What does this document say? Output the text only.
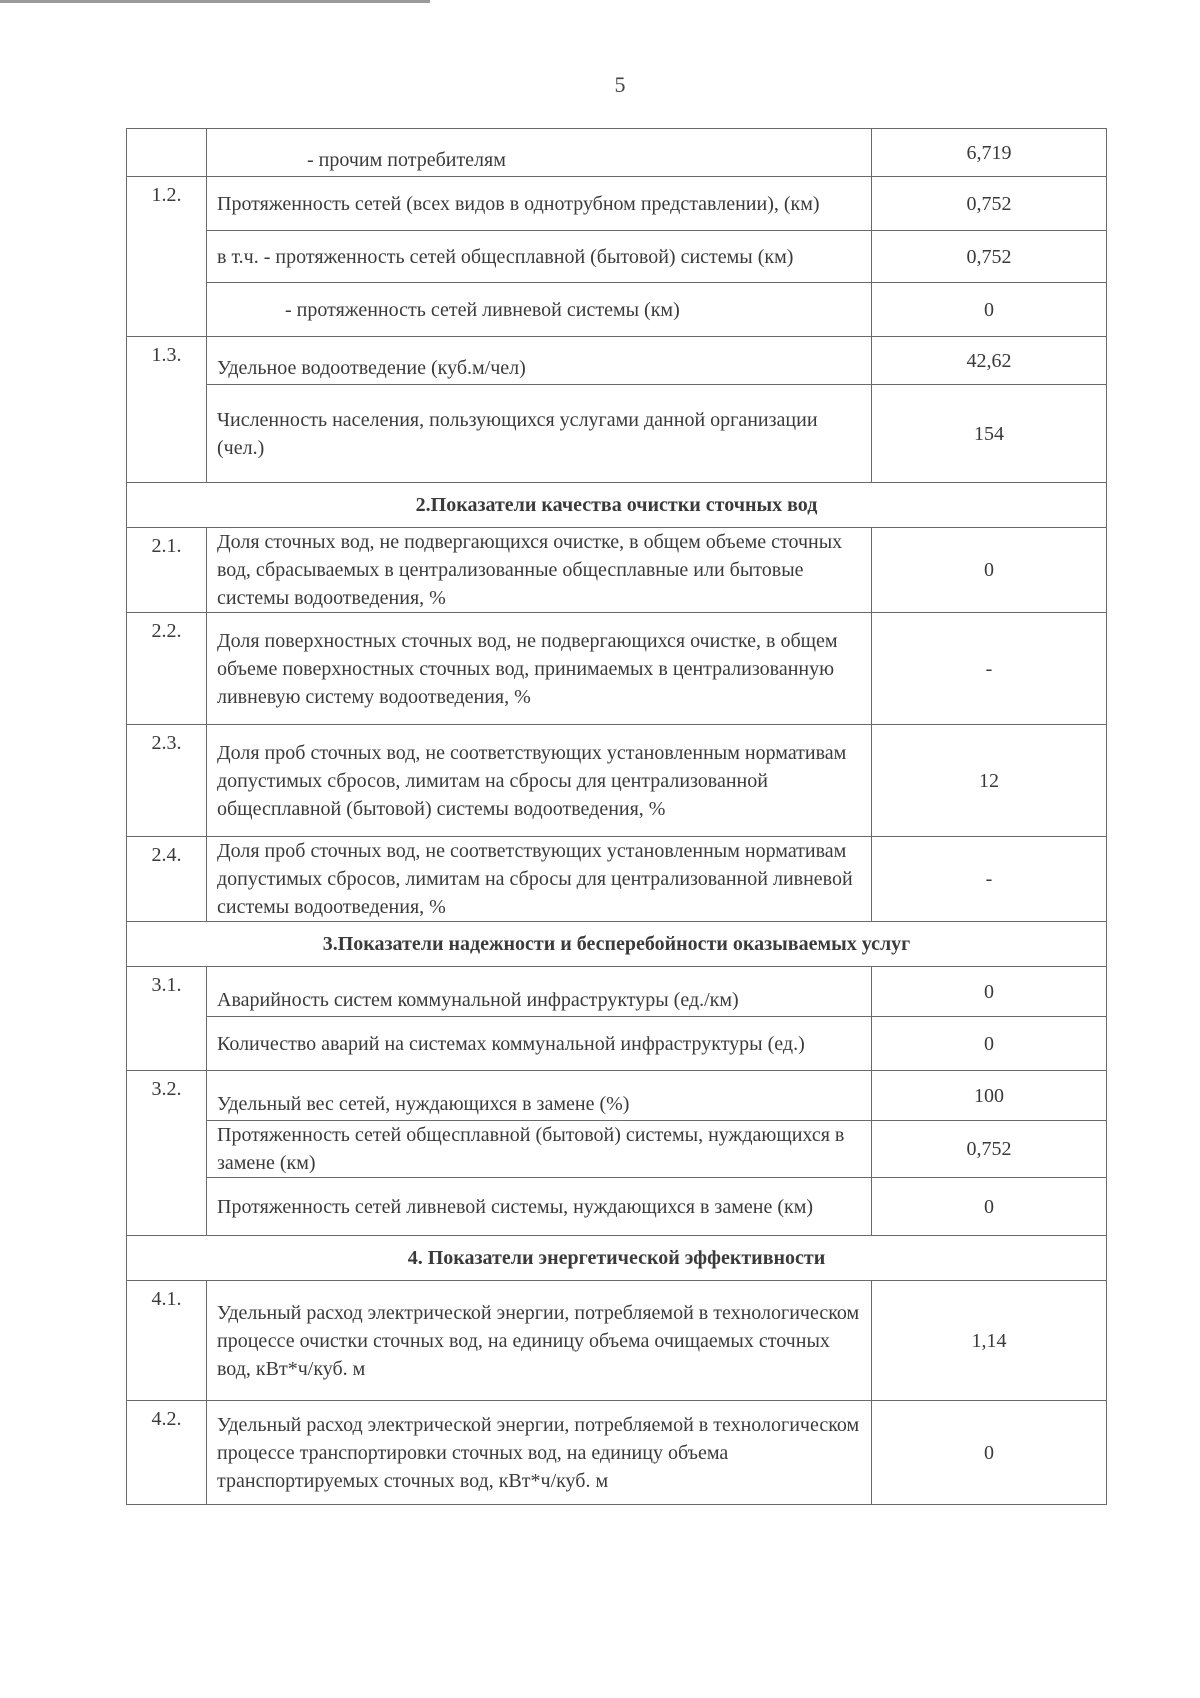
5
	- прочим потребителям	6,719
1.2.	Протяженность сетей (всех видов в однотрубном представлении), (км)	0,752
	в т.ч. - протяженность сетей общесплавной (бытовой) системы (км)	0,752
	- протяженность сетей ливневой системы (км)	0
1.3.	Удельное водоотведение (куб.м/чел)	42,62
	Численность населения, пользующихся услугами данной организации (чел.)	154
2.Показатели качества очистки сточных вод		
2.1.	Доля сточных вод, не подвергающихся очистке, в общем объеме сточных вод, сбрасываемых в централизованные общесплавные или бытовые системы водоотведения, %	0
2.2.	Доля поверхностных сточных вод, не подвергающихся очистке, в общем объеме поверхностных сточных вод, принимаемых в централизованную ливневую систему водоотведения, %	-
2.3.	Доля проб сточных вод, не соответствующих установленным нормативам допустимых сбросов, лимитам на сбросы для централизованной общесплавной (бытовой) системы водоотведения, %	12
2.4.	Доля проб сточных вод, не соответствующих установленным нормативам допустимых сбросов, лимитам на сбросы для централизованной ливневой системы водоотведения, %	-
3.Показатели надежности и бесперебойности оказываемых услуг		
3.1.	Аварийность систем коммунальной инфраструктуры (ед./км)	0
	Количество аварий на системах коммунальной инфраструктуры (ед.)	0
3.2.	Удельный вес сетей, нуждающихся в замене (%)	100
	Протяженность сетей общесплавной (бытовой) системы, нуждающихся в замене (км)	0,752
	Протяженность сетей ливневой системы, нуждающихся в замене (км)	0
4. Показатели энергетической эффективности		
4.1.	Удельный расход электрической энергии, потребляемой в технологическом процессе очистки сточных вод, на единицу объема очищаемых сточных вод, кВт*ч/куб. м	1,14
4.2.	Удельный расход электрической энергии, потребляемой в технологическом процессе транспортировки сточных вод, на единицу объема транспортируемых сточных вод, кВт*ч/куб. м	0
